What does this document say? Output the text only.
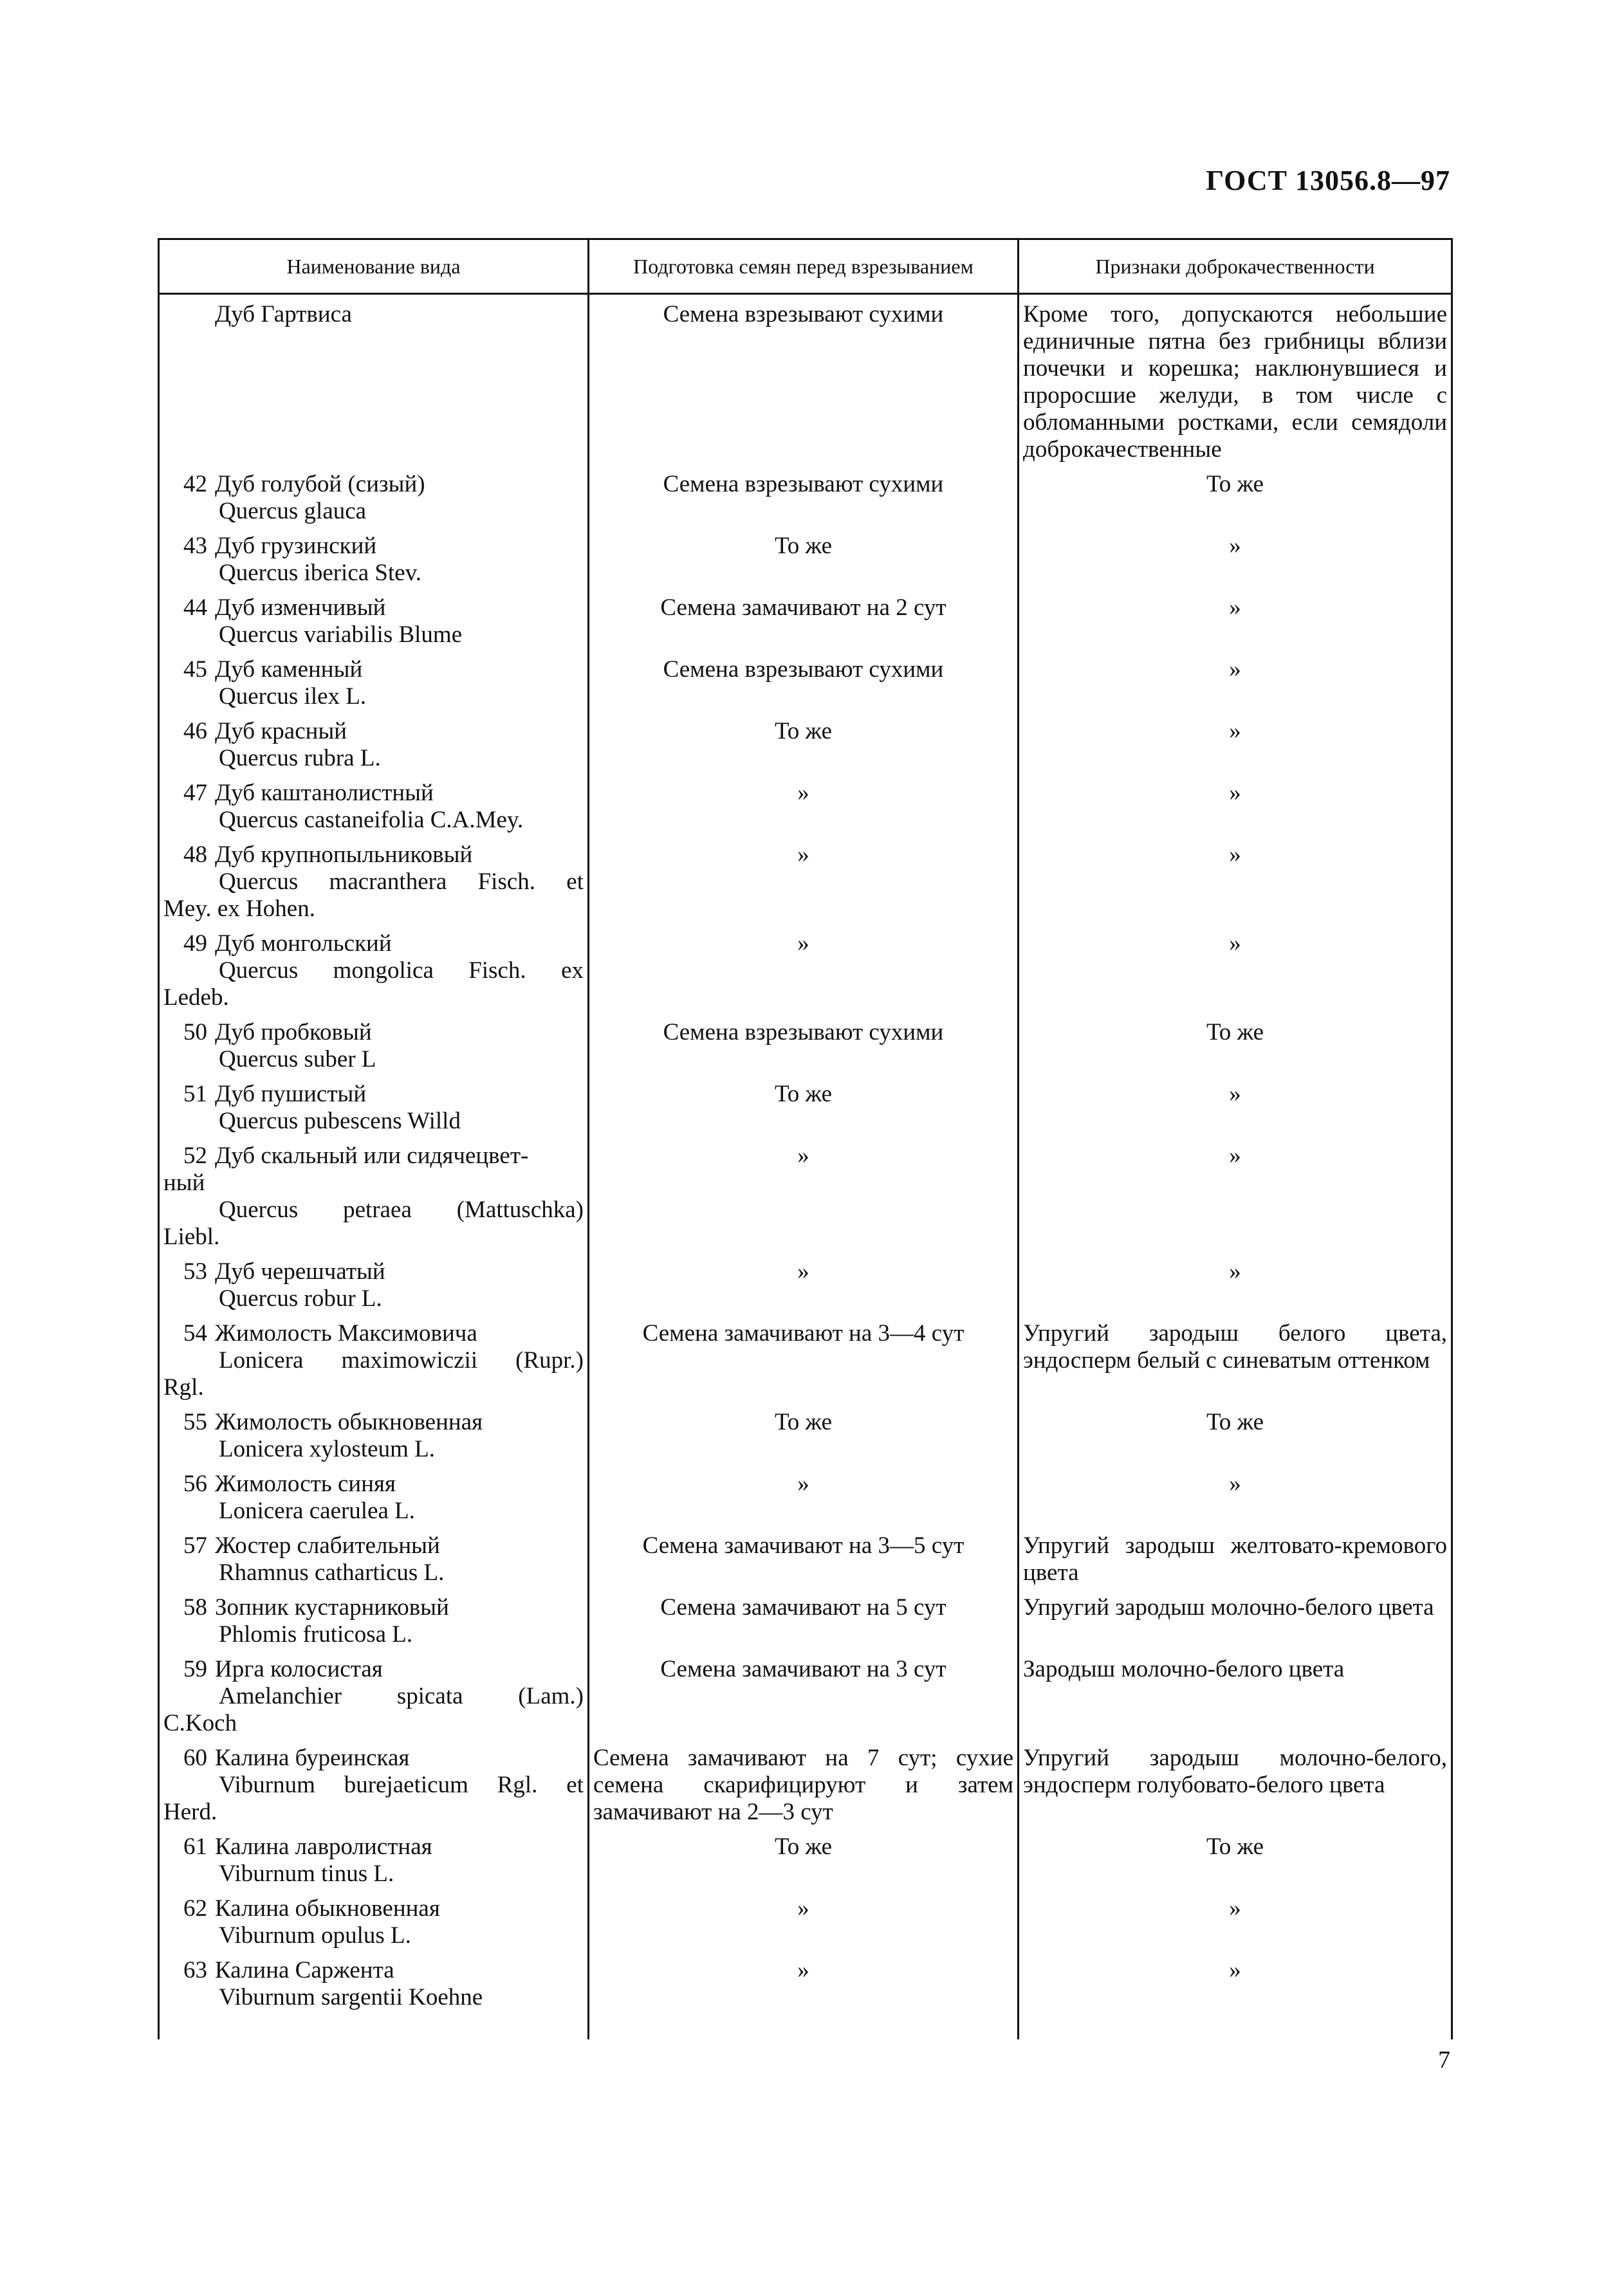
ГОСТ 13056.8—97
Наименование вида	Подготовка семян перед взрезыванием	Признаки доброкачественности

Дуб Гартвиса	Семена взрезывают сухими	Кроме того, допускаются небольшие единичные пятна без грибницы вблизи почечки и корешка; наклюнувшиеся и проросшие желуди, в том числе с обломанными ростками, если семядоли доброкачественные

42 Дуб голубой (сизый)
Quercus glauca	Семена взрезывают сухими	То же

43 Дуб грузинский
Quercus iberica Stev.	То же	»

44 Дуб изменчивый
Quercus variabilis Blume	Семена замачивают на 2 сут	»

45 Дуб каменный
Quercus ilex L.	Семена взрезывают сухими	»

46 Дуб красный
Quercus rubra L.	То же	»

47 Дуб каштанолистный
Quercus castaneifolia C.A.Mey.	»	»

48 Дуб крупнопыльниковый
Quercus macranthera Fisch. et
Mey. ex Hohen.	»	»

49 Дуб монгольский
Quercus mongolica Fisch. ex
Ledeb.	»	»

50 Дуб пробковый
Quercus suber L	Семена взрезывают сухими	То же

51 Дуб пушистый
Quercus pubescens Willd	То же	»

52 Дуб скальный или сидячецвет-
ный
Quercus petraea (Mattuschka)
Liebl.	»	»

53 Дуб черешчатый
Quercus robur L.	»	»

54 Жимолость Максимовича
Lonicera maximowiczii (Rupr.)
Rgl.	Семена замачивают на 3—4 сут	Упругий зародыш белого цвета, эндосперм белый с синеватым оттенком

55 Жимолость обыкновенная
Lonicera xylosteum L.	То же	То же

56 Жимолость синяя
Lonicera caerulea L.	»	»

57 Жостер слабительный
Rhamnus catharticus L.	Семена замачивают на 3—5 сут	Упругий зародыш желтовато-кремового цвета

58 Зопник кустарниковый
Phlomis fruticosa L.	Семена замачивают на 5 сут	Упругий зародыш молочно-белого цвета

59 Ирга колосистая
Amelanchier spicata (Lam.)
C.Koch	Семена замачивают на 3 сут	Зародыш молочно-белого цвета

60 Калина буреинская
Viburnum burejaeticum Rgl. et
Herd.	Семена замачивают на 7 сут; сухие семена скарифицируют и затем замачивают на 2—3 сут	Упругий зародыш молочно-белого, эндосперм голубовато-белого цвета

61 Калина лавролистная
Viburnum tinus L.	То же	То же

62 Калина обыкновенная
Viburnum opulus L.	»	»

63 Калина Саржента
Viburnum sargentii Koehne	»	»
7
